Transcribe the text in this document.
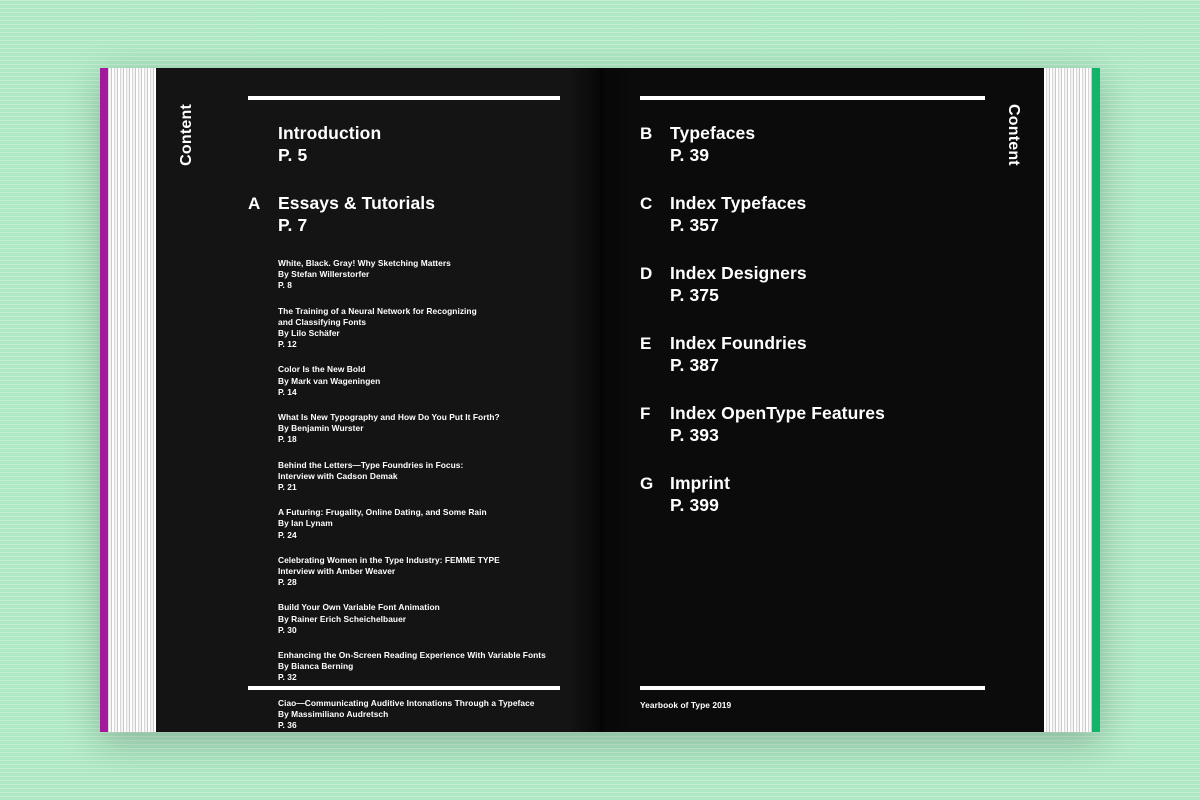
Content	Introduction
P. 5
A	Essays & Tutorials
P. 7
White, Black. Gray! Why Sketching Matters
By Stefan Willerstorfer
P. 8
The Training of a Neural Network for Recognizing
and Classifying Fonts
By Lilo Schäfer
P. 12
Color Is the New Bold
By Mark van Wageningen
P. 14
What Is New Typography and How Do You Put It Forth?
By Benjamin Wurster
P. 18
Behind the Letters—Type Foundries in Focus:
Interview with Cadson Demak
P. 21
A Futuring: Frugality, Online Dating, and Some Rain
By Ian Lynam
P. 24
Celebrating Women in the Type Industry: FEMME TYPE
Interview with Amber Weaver
P. 28
Build Your Own Variable Font Animation
By Rainer Erich Scheichelbauer
P. 30
Enhancing the On-Screen Reading Experience With Variable Fonts
By Bianca Berning
P. 32
Ciao—Communicating Auditive Intonations Through a Typeface
By Massimiliano Audretsch
P. 36
Content
B	Typefaces
P. 39
C	Index Typefaces
P. 357
D	Index Designers
P. 375
E	Index Foundries
P. 387
F	Index OpenType Features
P. 393
G Imprint
P. 399
Yearbook of Type 2019
